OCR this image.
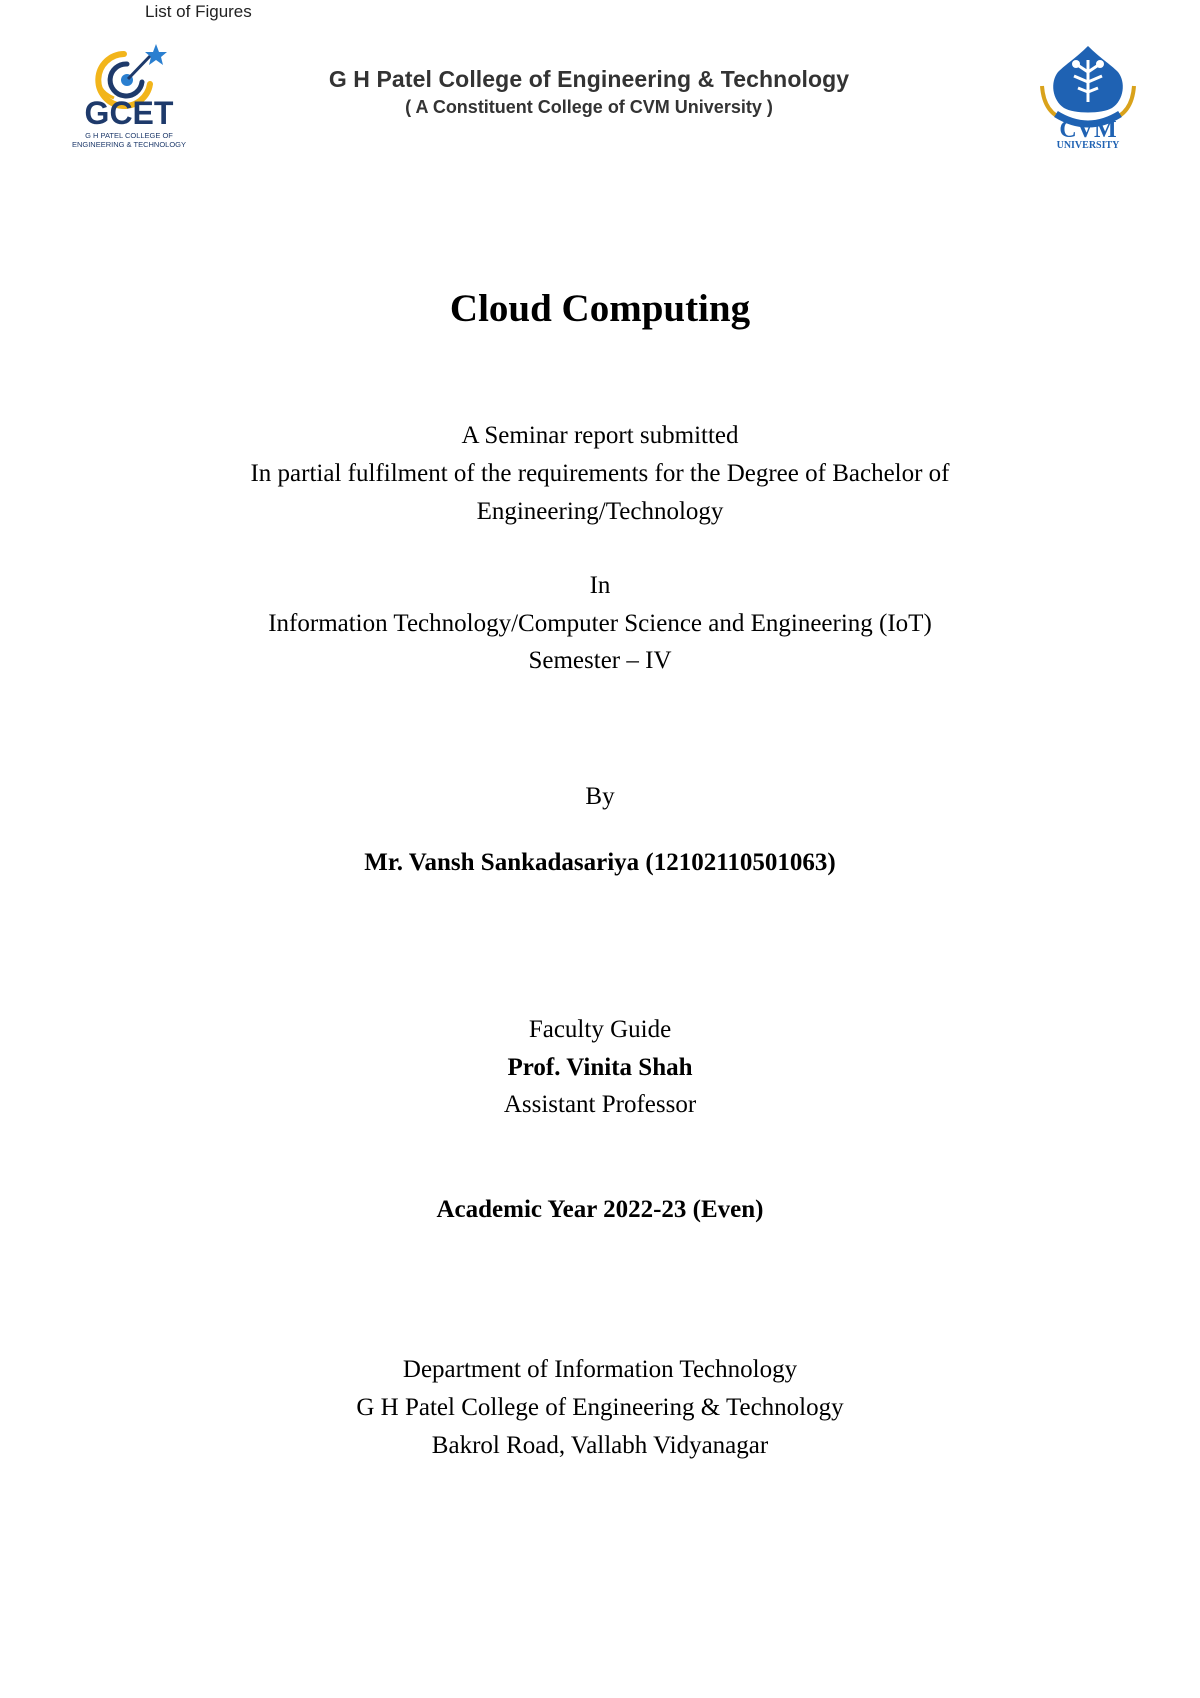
List of Figures
GCET
G H PATEL COLLEGE OF
ENGINEERING & TECHNOLOGY
G H Patel College of Engineering & Technology
( A Constituent College of CVM University )
CVM
UNIVERSITY
Cloud Computing
A Seminar report submitted
In partial fulfilment of the requirements for the Degree of Bachelor of
Engineering/Technology
In
Information Technology/Computer Science and Engineering (IoT)
Semester – IV
By
Mr. Vansh Sankadasariya (12102110501063)
Faculty Guide
Prof. Vinita Shah
Assistant Professor
Academic Year 2022-23 (Even)
Department of Information Technology
G H Patel College of Engineering & Technology
Bakrol Road, Vallabh Vidyanagar
